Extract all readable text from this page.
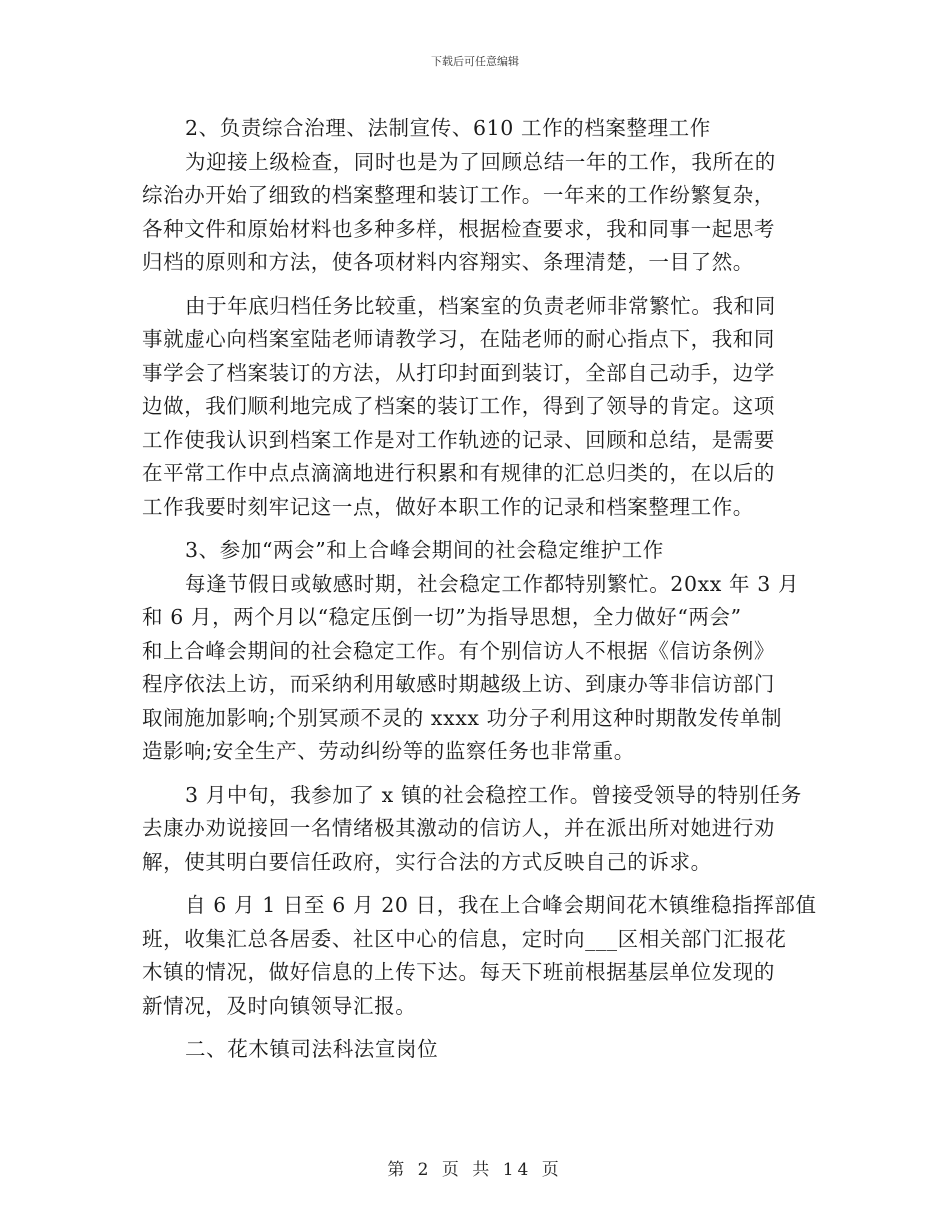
下载后可任意编辑
2、负责综合治理、法制宣传、610 工作的档案整理工作
为迎接上级检查，同时也是为了回顾总结一年的工作，我所在的
综治办开始了细致的档案整理和装订工作。一年来的工作纷繁复杂，
各种文件和原始材料也多种多样，根据检查要求，我和同事一起思考
归档的原则和方法，使各项材料内容翔实、条理清楚，一目了然。
由于年底归档任务比较重，档案室的负责老师非常繁忙。我和同
事就虚心向档案室陆老师请教学习，在陆老师的耐心指点下，我和同
事学会了档案装订的方法，从打印封面到装订，全部自己动手，边学
边做，我们顺利地完成了档案的装订工作，得到了领导的肯定。这项
工作使我认识到档案工作是对工作轨迹的记录、回顾和总结，是需要
在平常工作中点点滴滴地进行积累和有规律的汇总归类的，在以后的
工作我要时刻牢记这一点，做好本职工作的记录和档案整理工作。
3、参加“两会”和上合峰会期间的社会稳定维护工作
每逢节假日或敏感时期，社会稳定工作都特别繁忙。20xx 年 3 月
和 6 月，两个月以“稳定压倒一切”为指导思想，全力做好“两会”
和上合峰会期间的社会稳定工作。有个别信访人不根据《信访条例》
程序依法上访，而采纳利用敏感时期越级上访、到康办等非信访部门
取闹施加影响;个别冥顽不灵的 xxxx 功分子利用这种时期散发传单制
造影响;安全生产、劳动纠纷等的监察任务也非常重。
3 月中旬，我参加了 x 镇的社会稳控工作。曾接受领导的特别任务
去康办劝说接回一名情绪极其激动的信访人，并在派出所对她进行劝
解，使其明白要信任政府，实行合法的方式反映自己的诉求。
自 6 月 1 日至 6 月 20 日，我在上合峰会期间花木镇维稳指挥部值
班，收集汇总各居委、社区中心的信息，定时向___区相关部门汇报花
木镇的情况，做好信息的上传下达。每天下班前根据基层单位发现的
新情况，及时向镇领导汇报。
二、花木镇司法科法宣岗位
第 2 页 共 14 页
